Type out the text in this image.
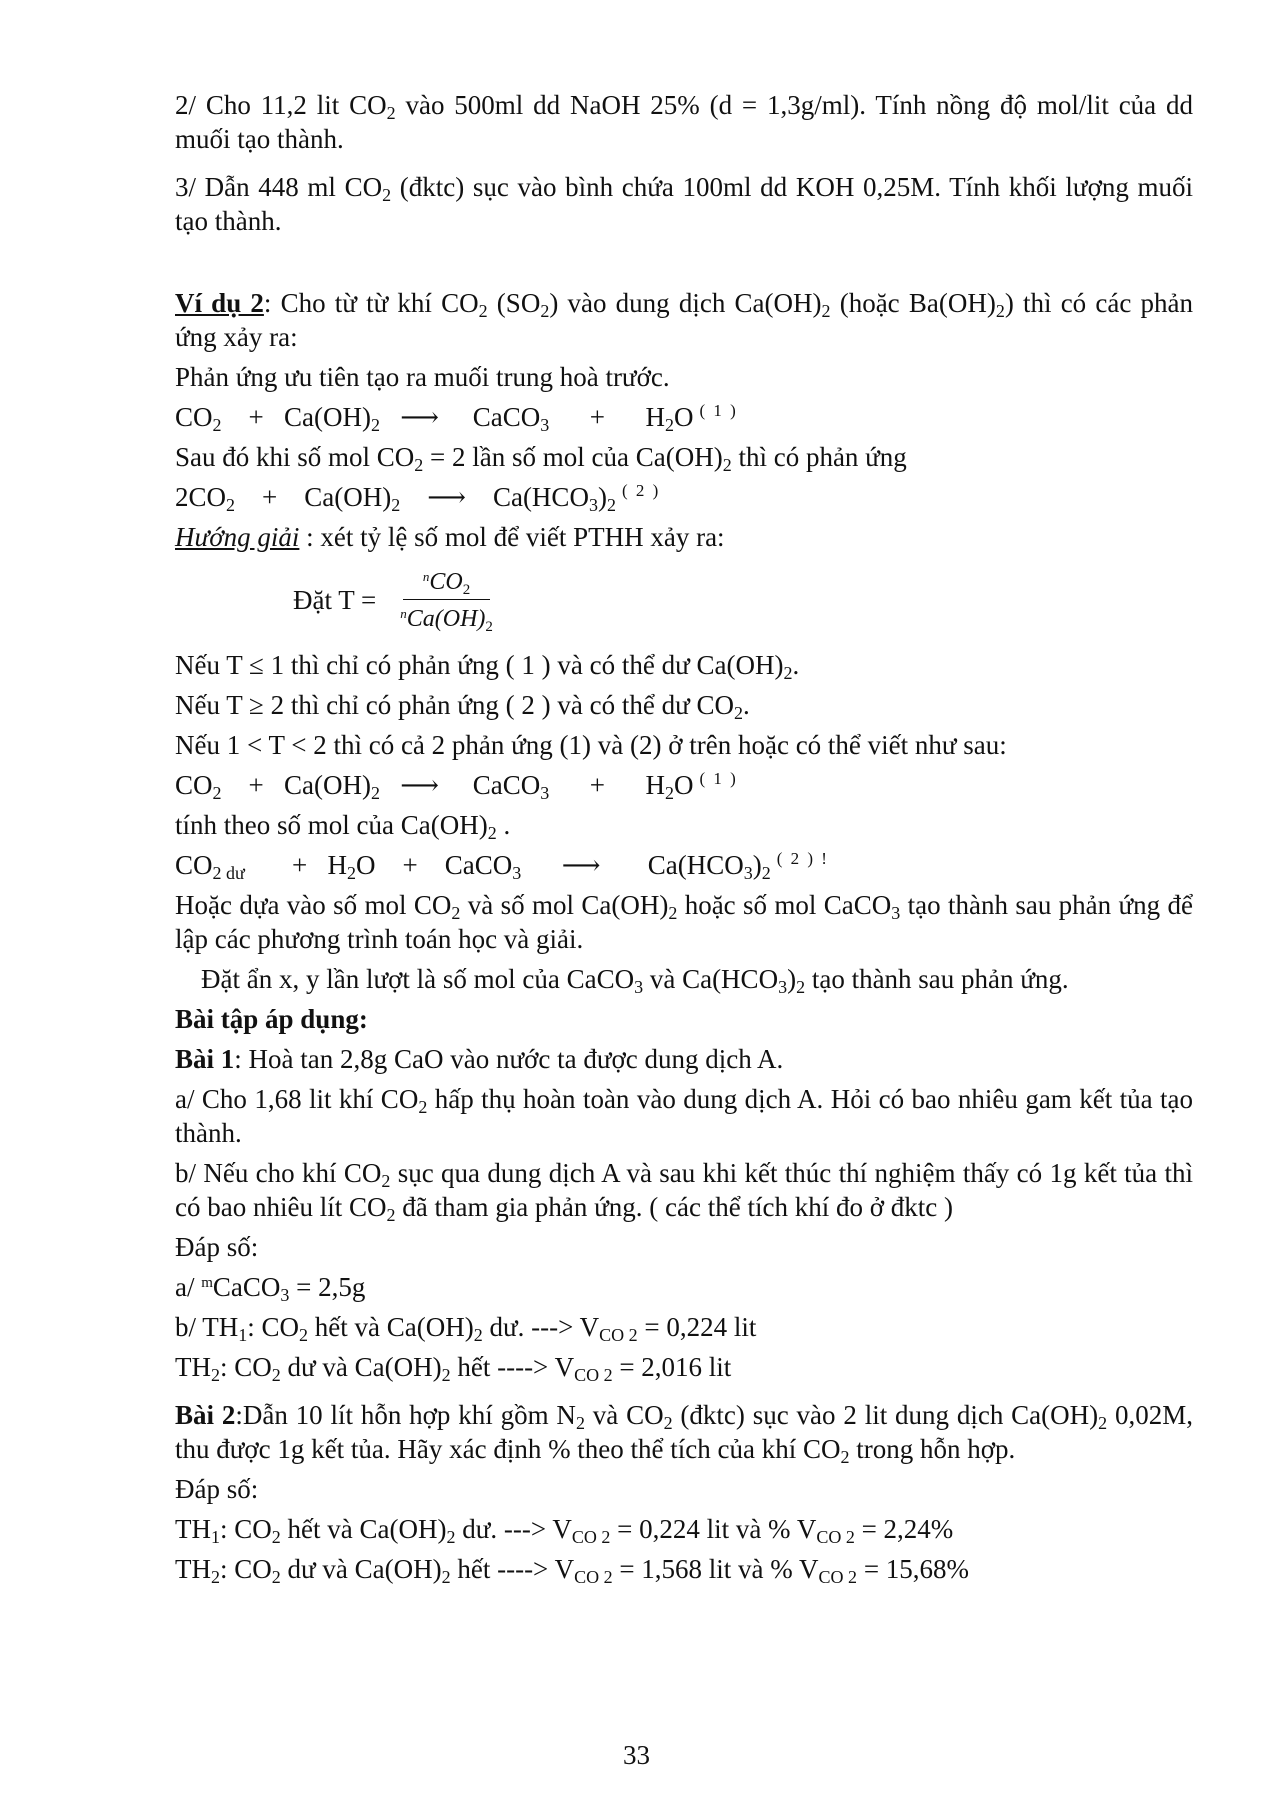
2/ Cho 11,2 lit $CO_2$ vào 500ml dd NaOH 25% (d = 1,3g/ml). Tính nồng độ mol/lit của dd muối tạo thành.

3/ Dẫn 448 ml $CO_2$ (đktc) sục vào bình chứa 100ml dd KOH 0,25M. Tính khối lượng muối tạo thành.

Ví dụ 2: Cho từ từ khí $CO_2$ $(SO_2)$ vào dung dịch $Ca(OH)_2$ (hoặc $Ba(OH)_2$) thì có các phản ứng xảy ra:

Phản ứng ưu tiên tạo ra muối trung hoà trước.

$CO_2 + Ca(OH)_2$ ⟶ CaCO$_3$ + $H_2O$ ( 1 )

Sau đó khi số mol $CO_2 = 2$ lần số mol của $Ca(OH)_2$ thì có phản ứng

$2CO_2 + Ca(OH)_2$ ⟶ $Ca(HCO_3)_2$( 2 )

Hướng giải : xét tỷ lệ số mol để viết PTHH xảy ra:

Đặt $T = \frac{^nCO_2}{^nCa(OH)_2}$

Nếu T ≤ 1 thì chỉ có phản ứng ( 1 ) và có thể dư $Ca(OH)_2$.

Nếu T ≥ 2 thì chỉ có phản ứng ( 2 ) và có thể dư $CO_2$.

Nếu 1 < T < 2 thì có cả 2 phản ứng (1) và (2) ở trên hoặc có thể viết như sau:

$CO_2 + Ca(OH)_2$ ⟶ CaCO$_3$ + $H_2O$ ( 1 )

tính theo số mol của $Ca(OH)_2$ .

$CO_{2 dư} + H_2O$ + CaCO$_3$ ⟶ $Ca(HCO_3)_2$( 2 ) !

Hoặc dựa vào số mol $CO_2$ và số mol $Ca(OH)_2$ hoặc số mol CaCO$_3$ tạo thành sau phản ứng để lập các phương trình toán học và giải.

Đặt ẩn x, y lần lượt là số mol của CaCO$_3$ và $Ca(HCO_3)_2$ tạo thành sau phản ứng.

Bài tập áp dụng:

Bài 1: Hoà tan 2,8g CaO vào nước ta được dung dịch A.

a/ Cho 1,68 lit khí $CO_2$ hấp thụ hoàn toàn vào dung dịch A. Hỏi có bao nhiêu gam kết tủa tạo thành.

b/ Nếu cho khí $CO_2$ sục qua dung dịch A và sau khi kết thúc thí nghiệm thấy có 1g kết tủa thì có bao nhiêu lít $CO_2$ đã tham gia phản ứng. ( các thể tích khí đo ở đktc )

Đáp số:

a/ $^m$CaCO$_3$ = 2,5g

b/ $TH_1$: $CO_2$ hết và $Ca(OH)_2$ dư. ---> $V_{CO 2} = 0,224$ lit

$TH_2$: $CO_2$ dư và $Ca(OH)_2$ hết ----> $V_{CO 2} = 2,016$ lit

Bài 2:Dẫn 10 lít hỗn hợp khí gồm $N_2$ và $CO_2$ (đktc) sục vào 2 lit dung dịch $Ca(OH)_2$ 0,02M, thu được 1g kết tủa. Hãy xác định % theo thể tích của khí $CO_2$ trong hỗn hợp.

Đáp số:

$TH_1$: $CO_2$ hết và $Ca(OH)_2$ dư. ---> $V_{CO 2} = 0,224$ lit và % $V_{CO 2} = 2,24\%$

$TH_2$: $CO_2$ dư và $Ca(OH)_2$ hết ----> $V_{CO 2} = 1,568$ lit và % $V_{CO 2} = 15,68\%$

33
